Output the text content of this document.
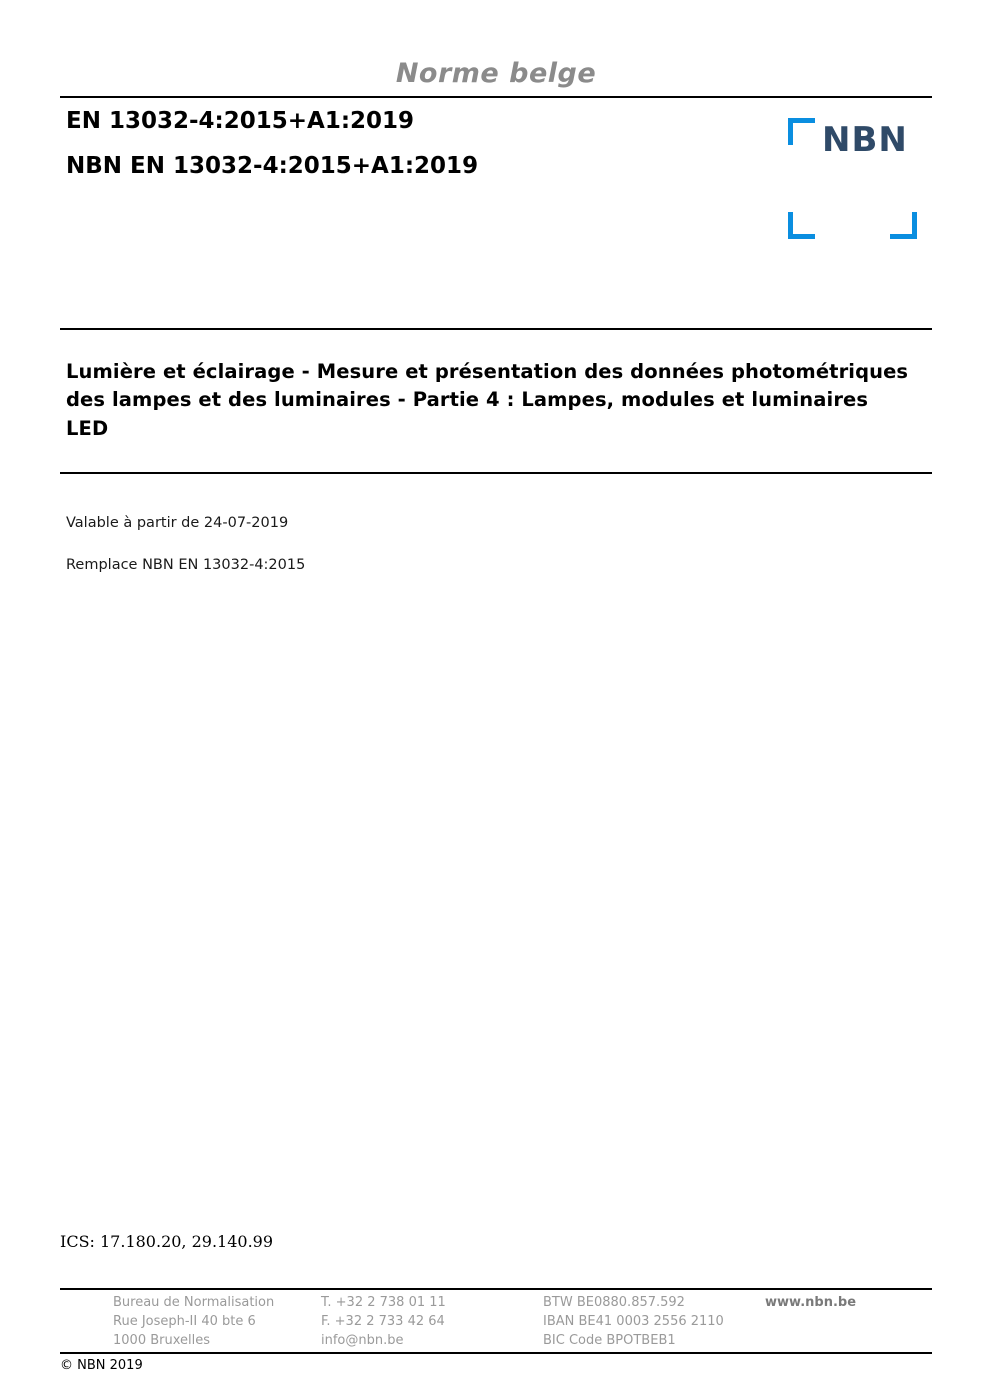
Norme belge
EN 13032-4:2015+A1:2019
NBN EN 13032-4:2015+A1:2019
NBN
Lumière et éclairage - Mesure et présentation des données photométriques des lampes et des luminaires - Partie 4 : Lampes, modules et luminaires LED
Valable à partir de 24-07-2019
Remplace NBN EN 13032-4:2015
ICS: 17.180.20, 29.140.99
Bureau de Normalisation
Rue Joseph-II 40 bte 6
1000 Bruxelles
T. +32 2 738 01 11
F. +32 2 733 42 64
info@nbn.be
BTW BE0880.857.592
IBAN BE41 0003 2556 2110
BIC Code BPOTBEB1
www.nbn.be
© NBN 2019
